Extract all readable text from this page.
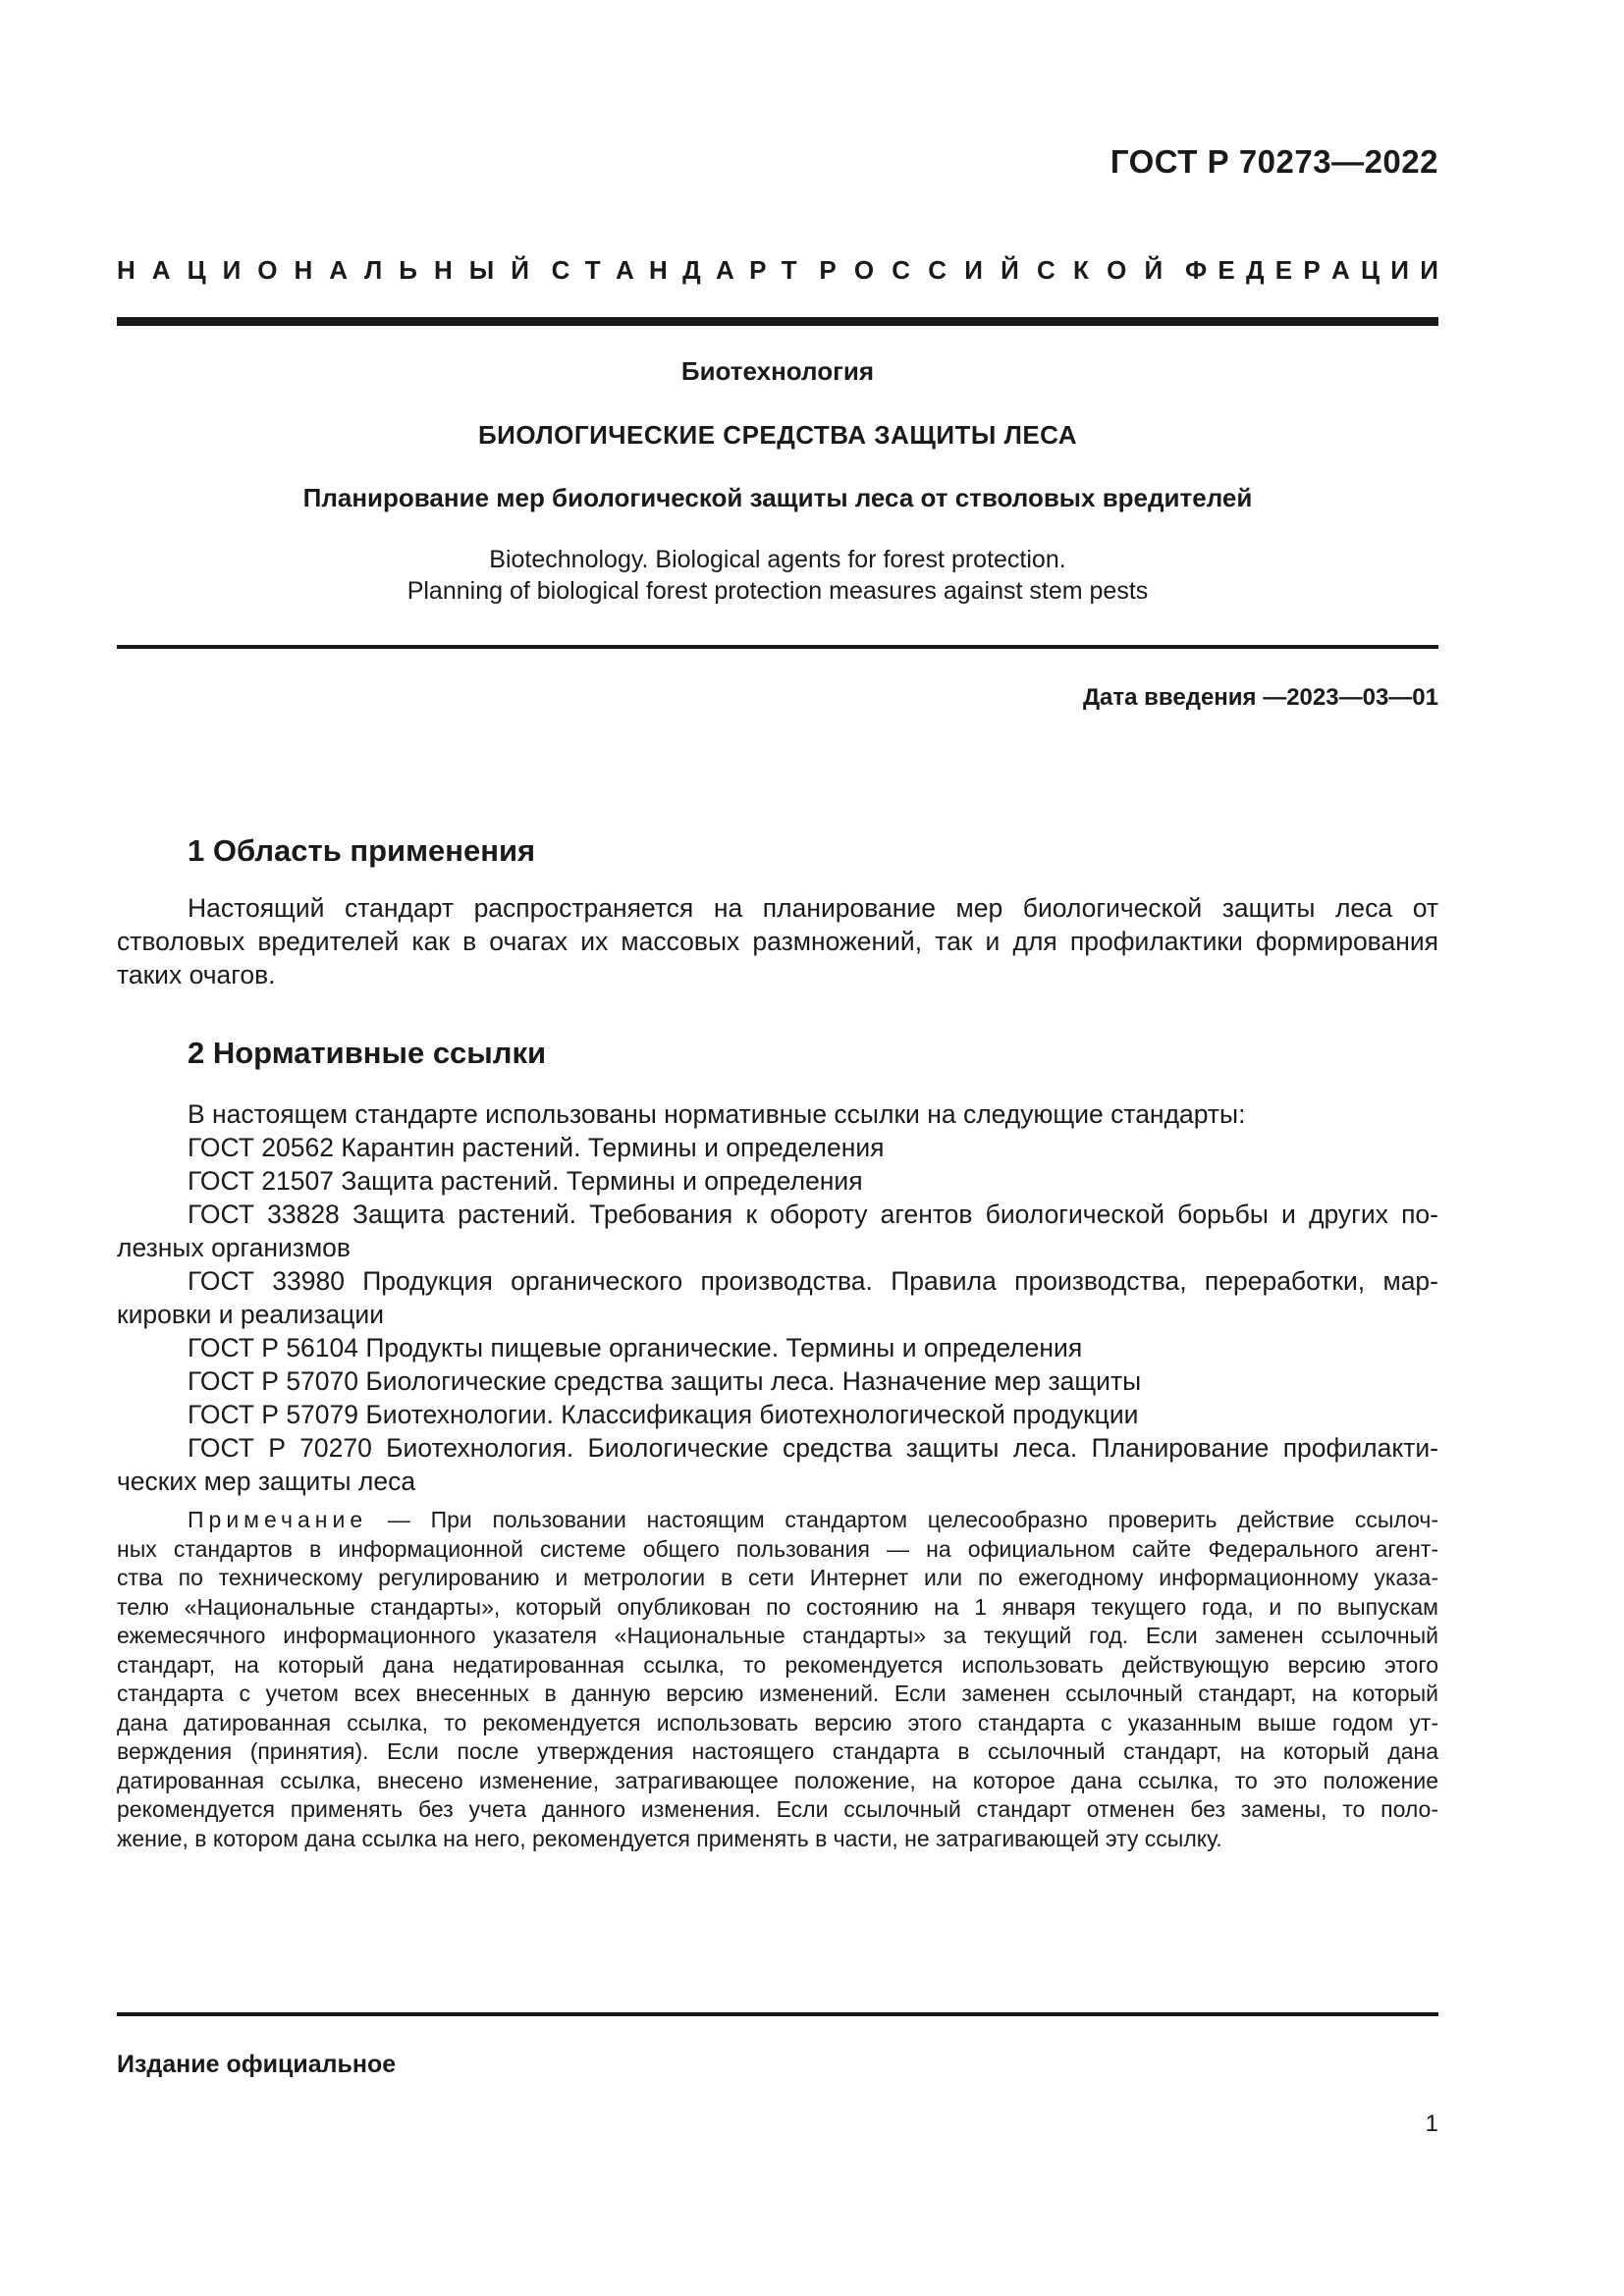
ГОСТ Р 70273—2022
Н А Ц И О Н А Л Ь Н Ы Й С Т А Н Д А Р Т Р О С С И Й С К О Й Ф Е Д Е Р А Ц И И
Биотехнология
БИОЛОГИЧЕСКИЕ СРЕДСТВА ЗАЩИТЫ ЛЕСА
Планирование мер биологической защиты леса от стволовых вредителей
Biotechnology. Biological agents for forest protection.
Planning of biological forest protection measures against stem pests
Дата введения —2023—03—01
1 Область применения
Настоящий стандарт распространяется на планирование мер биологической защиты леса от
стволовых вредителей как в очагах их массовых размножений, так и для профилактики формирования
таких очагов.
2 Нормативные ссылки
В настоящем стандарте использованы нормативные ссылки на следующие стандарты:
ГОСТ 20562 Карантин растений. Термины и определения
ГОСТ 21507 Защита растений. Термины и определения
ГОСТ 33828 Защита растений. Требования к обороту агентов биологической борьбы и других по-
лезных организмов
ГОСТ 33980 Продукция органического производства. Правила производства, переработки, мар-
кировки и реализации
ГОСТ Р 56104 Продукты пищевые органические. Термины и определения
ГОСТ Р 57070 Биологические средства защиты леса. Назначение мер защиты
ГОСТ Р 57079 Биотехнологии. Классификация биотехнологической продукции
ГОСТ Р 70270 Биотехнология. Биологические средства защиты леса. Планирование профилакти-
ческих мер защиты леса
Примечание — При пользовании настоящим стандартом целесообразно проверить действие ссылоч-
ных стандартов в информационной системе общего пользования — на официальном сайте Федерального агент-
ства по техническому регулированию и метрологии в сети Интернет или по ежегодному информационному указа-
телю «Национальные стандарты», который опубликован по состоянию на 1 января текущего года, и по выпускам
ежемесячного информационного указателя «Национальные стандарты» за текущий год. Если заменен ссылочный
стандарт, на который дана недатированная ссылка, то рекомендуется использовать действующую версию этого
стандарта с учетом всех внесенных в данную версию изменений. Если заменен ссылочный стандарт, на который
дана датированная ссылка, то рекомендуется использовать версию этого стандарта с указанным выше годом ут-
верждения (принятия). Если после утверждения настоящего стандарта в ссылочный стандарт, на который дана
датированная ссылка, внесено изменение, затрагивающее положение, на которое дана ссылка, то это положение
рекомендуется применять без учета данного изменения. Если ссылочный стандарт отменен без замены, то поло-
жение, в котором дана ссылка на него, рекомендуется применять в части, не затрагивающей эту ссылку.
Издание официальное
1
